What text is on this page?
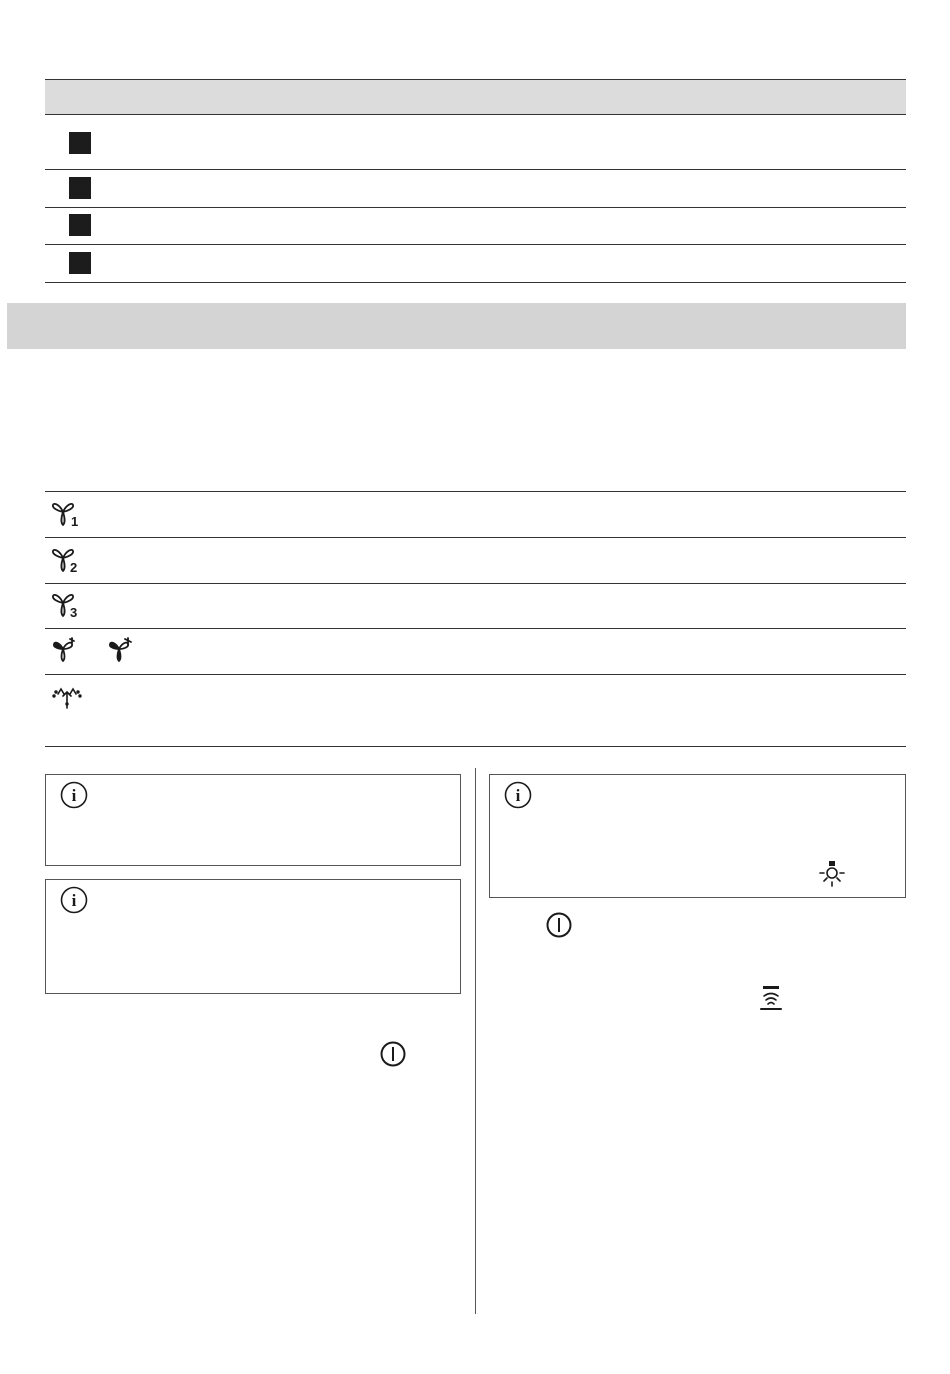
1
2
3
i
i
i
